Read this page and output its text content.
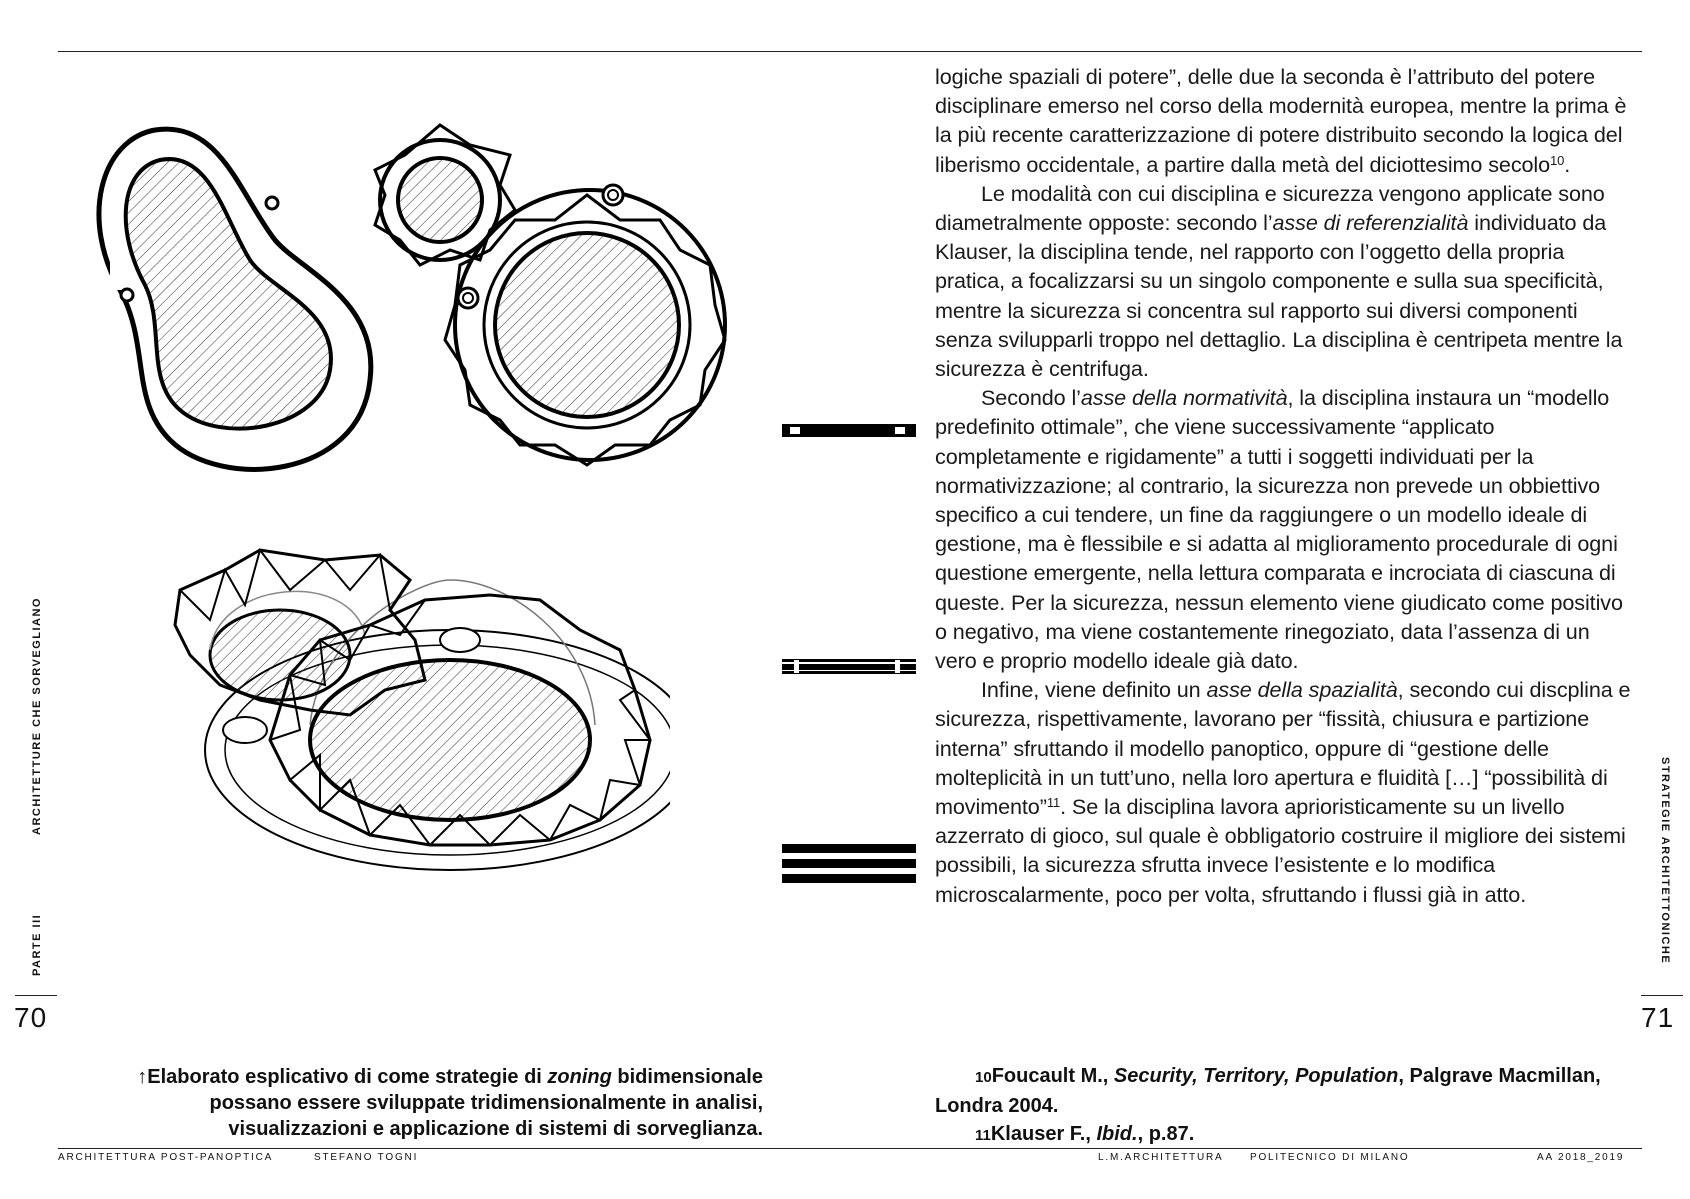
logiche spaziali di potere”, delle due la seconda è l’attributo del potere disciplinare emerso nel corso della modernità europea, mentre la prima è la più recente caratterizzazione di potere distribuito secondo la logica del liberismo occidentale, a partire dalla metà del diciottesimo secolo$^{10}$.

Le modalità con cui disciplina e sicurezza vengono applicate sono diametralmente opposte: secondo l’asse di referenzialità individuato da Klauser, la disciplina tende, nel rapporto con l’oggetto della propria pratica, a focalizzarsi su un singolo componente e sulla sua specificità, mentre la sicurezza si concentra sul rapporto sui diversi componenti senza svilupparli troppo nel dettaglio. La disciplina è centripeta mentre la sicurezza è centrifuga.

Secondo l’asse della normatività, la disciplina instaura un “modello predefinito ottimale”, che viene successivamente “applicato completamente e rigidamente” a tutti i soggetti individuati per la normativizzazione; al contrario, la sicurezza non prevede un obbiettivo specifico a cui tendere, un fine da raggiungere o un modello ideale di gestione, ma è flessibile e si adatta al miglioramento procedurale di ogni questione emergente, nella lettura comparata e incrociata di ciascuna di queste. Per la sicurezza, nessun elemento viene giudicato come positivo o negativo, ma viene costantemente rinegoziato, data l’assenza di un vero e proprio modello ideale già dato.

Infine, viene definito un asse della spazialità, secondo cui discplina e sicurezza, rispettivamente, lavorano per “fissità, chiusura e partizione interna” sfruttando il modello panoptico, oppure di “gestione delle molteplicità in un tutt’uno, nella loro apertura e fluidità […] “possibilità di movimento”$^{11}$. Se la disciplina lavora aprioristicamente su un livello azzerrato di gioco, sul quale è obbligatorio costruire il migliore dei sistemi possibili, la sicurezza sfrutta invece l’esistente e lo modifica microscalarmente, poco per volta, sfruttando i flussi già in atto.

ARCHITETTURE CHE SORVEGLIANO
PARTE III	STRATEGIE ARCHITETTONICHE
70	71
↑Elaborato esplicativo di come strategie di zoning bidimensionale possano essere sviluppate tridimensionalmente in analisi, visualizzazioni e applicazione di sistemi di sorveglianza.
10Foucault M., Security, Territory, Population, Palgrave Macmillan, Londra 2004.
11Klauser F., Ibid., p.87.
ARCHITETTURA POST-PANOPTICA	STEFANO TOGNI	L.M.ARCHITETTURA	POLITECNICO DI MILANO	AA 2018_2019
